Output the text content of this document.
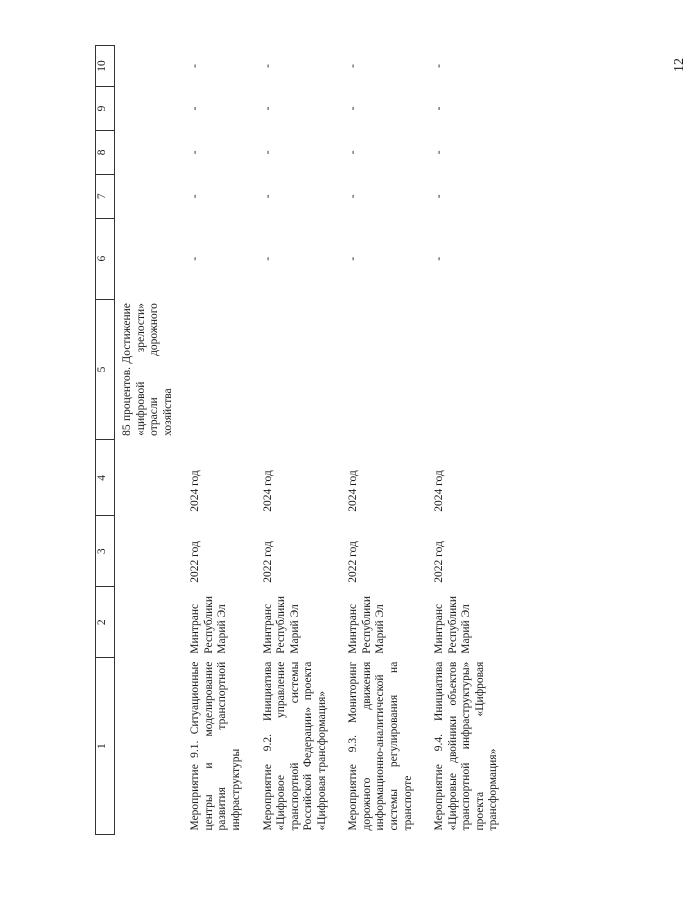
12
1	2	3	4	5	6	7	8	9	10
				85 процентов. Достижение «цифровой зрелости» отрасли дорожного хозяйства					
Мероприятие 9.1. Ситуационные центры и моделирование развития транспортной инфраструктуры	Минтранс Республики Марий Эл	2022 год	2024 год		-	-	-	-	-

Мероприятие 9.2. Инициатива «Цифровое управление транспортной системы Российской Федерации» проекта «Цифровая трансформация»	Минтранс Республики Марий Эл	2022 год	2024 год		-	-	-	-	-

Мероприятие 9.3. Мониторинг дорожного движения информационно-аналитической системы регулирования на транспорте	Минтранс Республики Марий Эл	2022 год	2024 год		-	-	-	-	-

Мероприятие 9.4. Инициатива «Цифровые двойники объектов транспортной инфраструктуры» проекта «Цифровая трансформация»	Минтранс Республики Марий Эл	2022 год	2024 год		-	-	-	-	-
